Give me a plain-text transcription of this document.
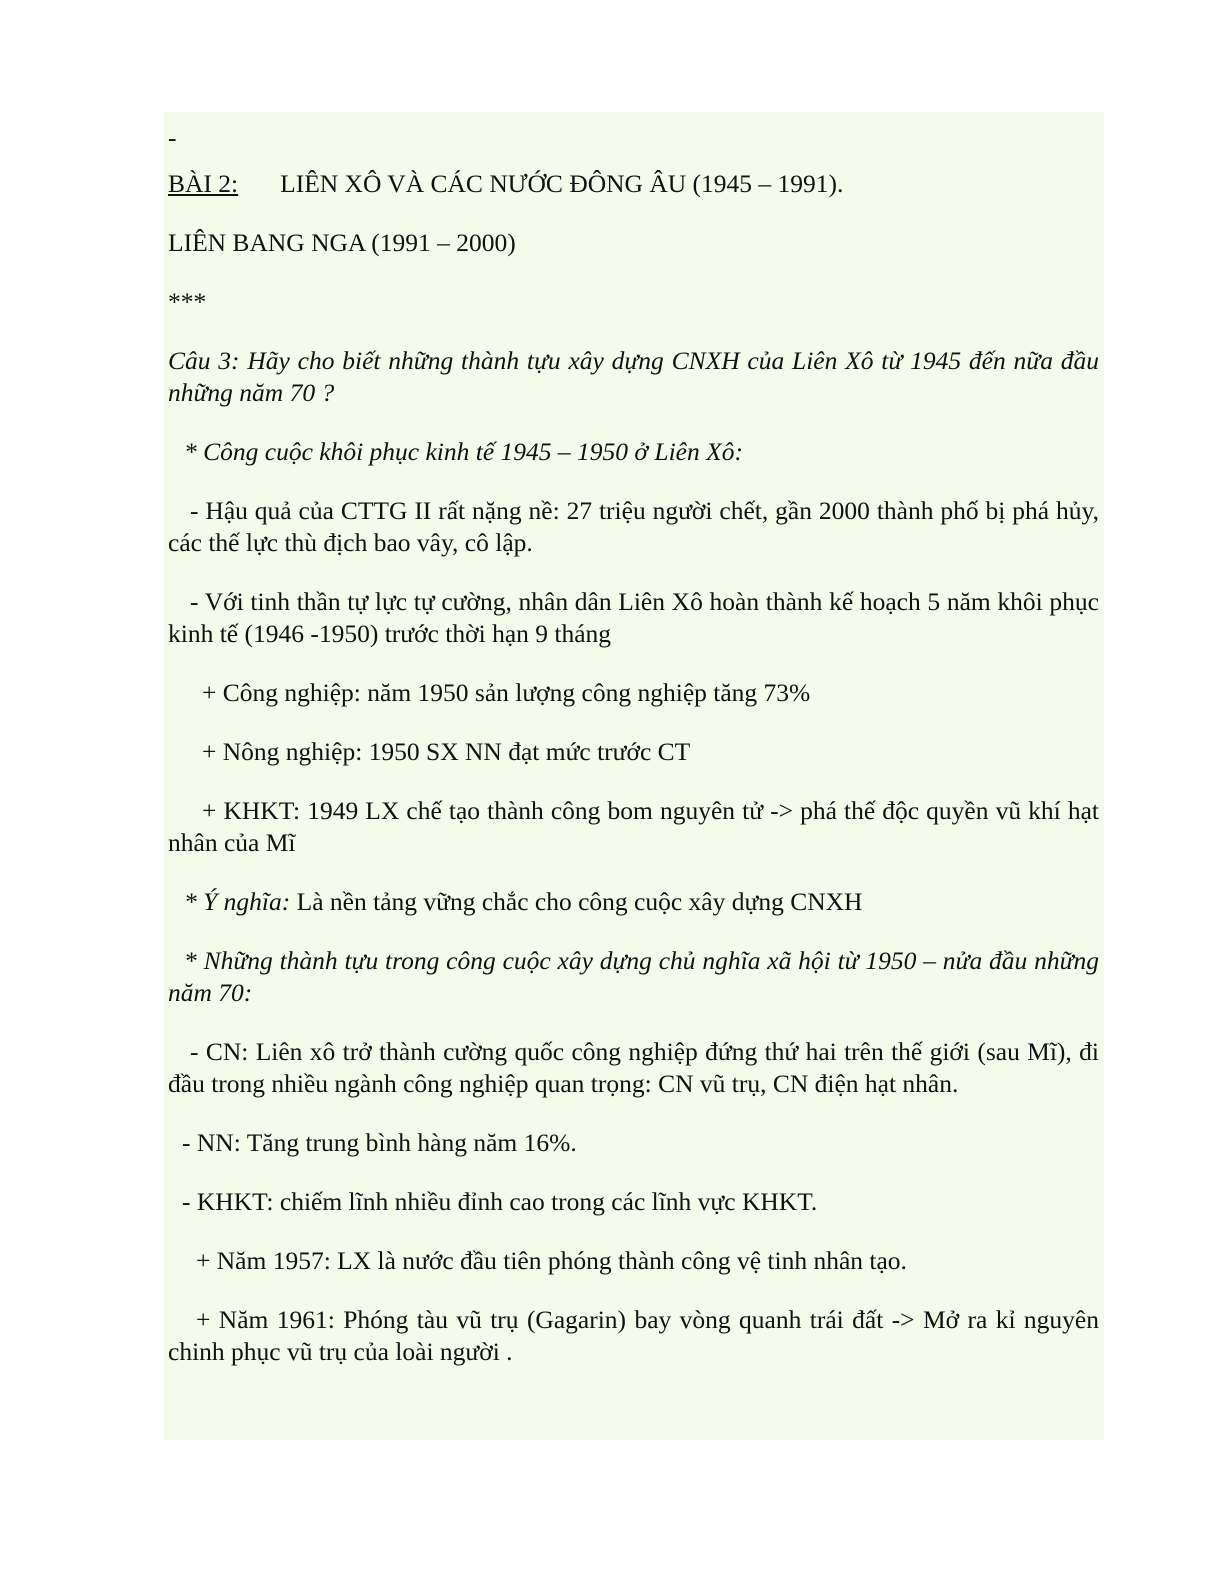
-

BÀI 2: LIÊN XÔ VÀ CÁC NƯỚC ĐÔNG ÂU (1945 – 1991).

LIÊN BANG NGA (1991 – 2000)

***

Câu 3: Hãy cho biết những thành tựu xây dựng CNXH của Liên Xô từ 1945 đến nữa đầu những năm 70 ?

* Công cuộc khôi phục kinh tế 1945 – 1950 ở Liên Xô:

- Hậu quả của CTTG II rất nặng nề: 27 triệu người chết, gần 2000 thành phố bị phá hủy, các thế lực thù địch bao vây, cô lập.

- Với tinh thần tự lực tự cường, nhân dân Liên Xô hoàn thành kế hoạch 5 năm khôi phục kinh tế (1946 -1950) trước thời hạn 9 tháng

+ Công nghiệp: năm 1950 sản lượng công nghiệp tăng 73%

+ Nông nghiệp: 1950 SX NN đạt mức trước CT

+ KHKT: 1949 LX chế tạo thành công bom nguyên tử -> phá thế độc quyền vũ khí hạt nhân của Mĩ

* Ý nghĩa: Là nền tảng vững chắc cho công cuộc xây dựng CNXH

* Những thành tựu trong công cuộc xây dựng chủ nghĩa xã hội từ 1950 – nửa đầu những năm 70:

- CN: Liên xô trở thành cường quốc công nghiệp đứng thứ hai trên thế giới (sau Mĩ), đi đầu trong nhiều ngành công nghiệp quan trọng: CN vũ trụ, CN điện hạt nhân.

- NN: Tăng trung bình hàng năm 16%.

- KHKT: chiếm lĩnh nhiều đỉnh cao trong các lĩnh vực KHKT.

+ Năm 1957: LX là nước đầu tiên phóng thành công vệ tinh nhân tạo.

+ Năm 1961: Phóng tàu vũ trụ (Gagarin) bay vòng quanh trái đất -> Mở ra kỉ nguyên chinh phục vũ trụ của loài người .
